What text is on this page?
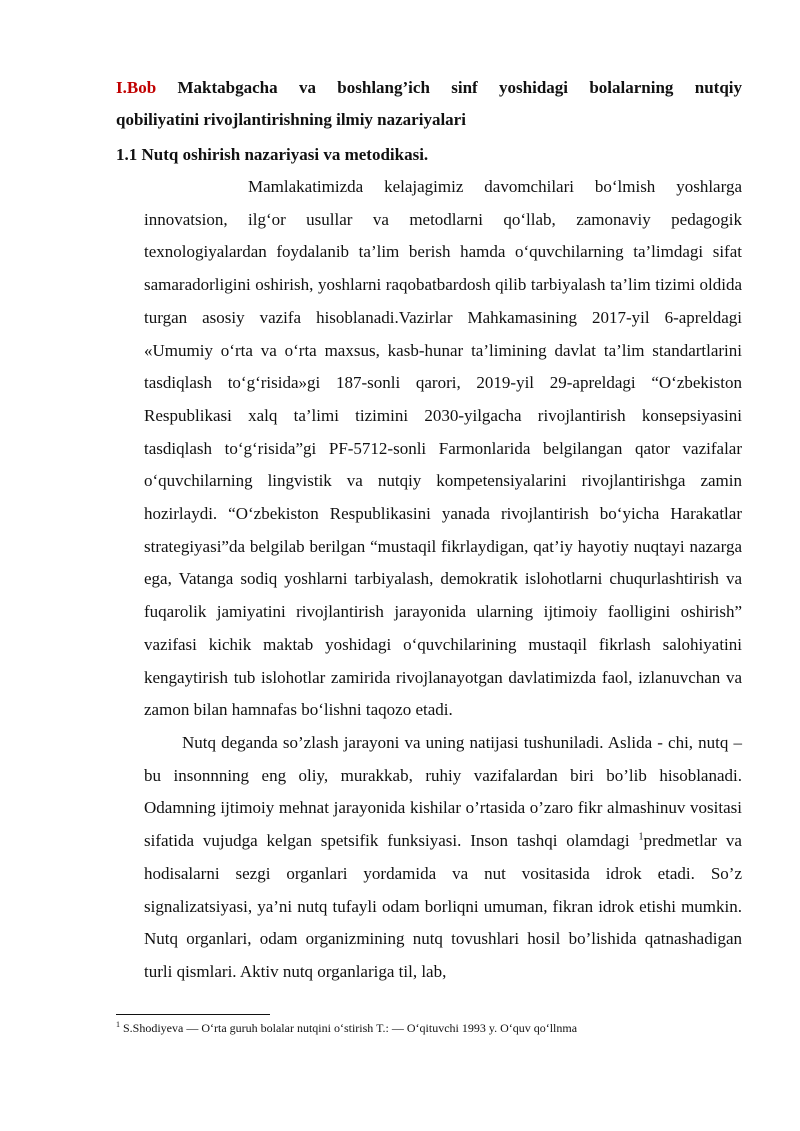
I.Bob Maktabgacha va boshlang’ich sinf yoshidagi bolalarning nutqiy
qobiliyatini rivojlantirishning ilmiy nazariyalari
1.1 Nutq oshirish nazariyasi va metodikasi.
Mamlakatimizda kelajagimiz davomchilari bo‘lmish yoshlarga innovatsion, ilg‘or usullar va metodlarni qo‘llab, zamonaviy pedagogik texnologiyalardan foydalanib ta’lim berish hamda o‘quvchilarning ta’limdagi sifat samaradorligini oshirish, yoshlarni raqobatbardosh qilib tarbiyalash ta’lim tizimi oldida turgan asosiy vazifa hisoblanadi.Vazirlar Mahkamasining 2017-yil 6-apreldagi «Umumiy o‘rta va o‘rta maxsus, kasb-hunar ta’limining davlat ta’lim standartlarini tasdiqlash to‘g‘risida»gi 187-sonli qarori, 2019-yil 29-apreldagi “O‘zbekiston Respublikasi xalq ta’limi tizimini 2030-yilgacha rivojlantirish konsepsiyasini tasdiqlash to‘g‘risida”gi PF-5712-sonli Farmonlarida belgilangan qator vazifalar o‘quvchilarning lingvistik va nutqiy kompetensiyalarini rivojlantirishga zamin hozirlaydi. “O‘zbekiston Respublikasini yanada rivojlantirish bo‘yicha Harakatlar strategiyasi”da belgilab berilgan “mustaqil fikrlaydigan, qat’iy hayotiy nuqtayi nazarga ega, Vatanga sodiq yoshlarni tarbiyalash, demokratik islohotlarni chuqurlashtirish va fuqarolik jamiyatini rivojlantirish jarayonida ularning ijtimoiy faolligini oshirish” vazifasi kichik maktab yoshidagi o‘quvchilarining mustaqil fikrlash salohiyatini kengaytirish tub islohotlar zamirida rivojlanayotgan davlatimizda faol, izlanuvchan va zamon bilan hamnafas bo‘lishni taqozo etadi.
Nutq deganda so’zlash jarayoni va uning natijasi tushuniladi. Aslida - chi, nutq – bu insonnning eng oliy, murakkab, ruhiy vazifalardan biri bo’lib hisoblanadi. Odamning ijtimoiy mehnat jarayonida kishilar o’rtasida o’zaro fikr almashinuv vositasi sifatida vujudga kelgan spetsifik funksiyasi. Inson tashqi olamdagi $^1$predmetlar va hodisalarni sezgi organlari yordamida va nut vositasida idrok etadi. So’z signalizatsiyasi, ya’ni nutq tufayli odam borliqni umuman, fikran idrok etishi mumkin. Nutq organlari, odam organizmining nutq tovushlari hosil bo’lishida qatnashadigan turli qismlari. Aktiv nutq organlariga til, lab,
$^1$ S.Shodiyeva — O‘rta guruh bolalar nutqini o‘stirish T.: — O‘qituvchi 1993 y. O‘quv qo‘llnma
